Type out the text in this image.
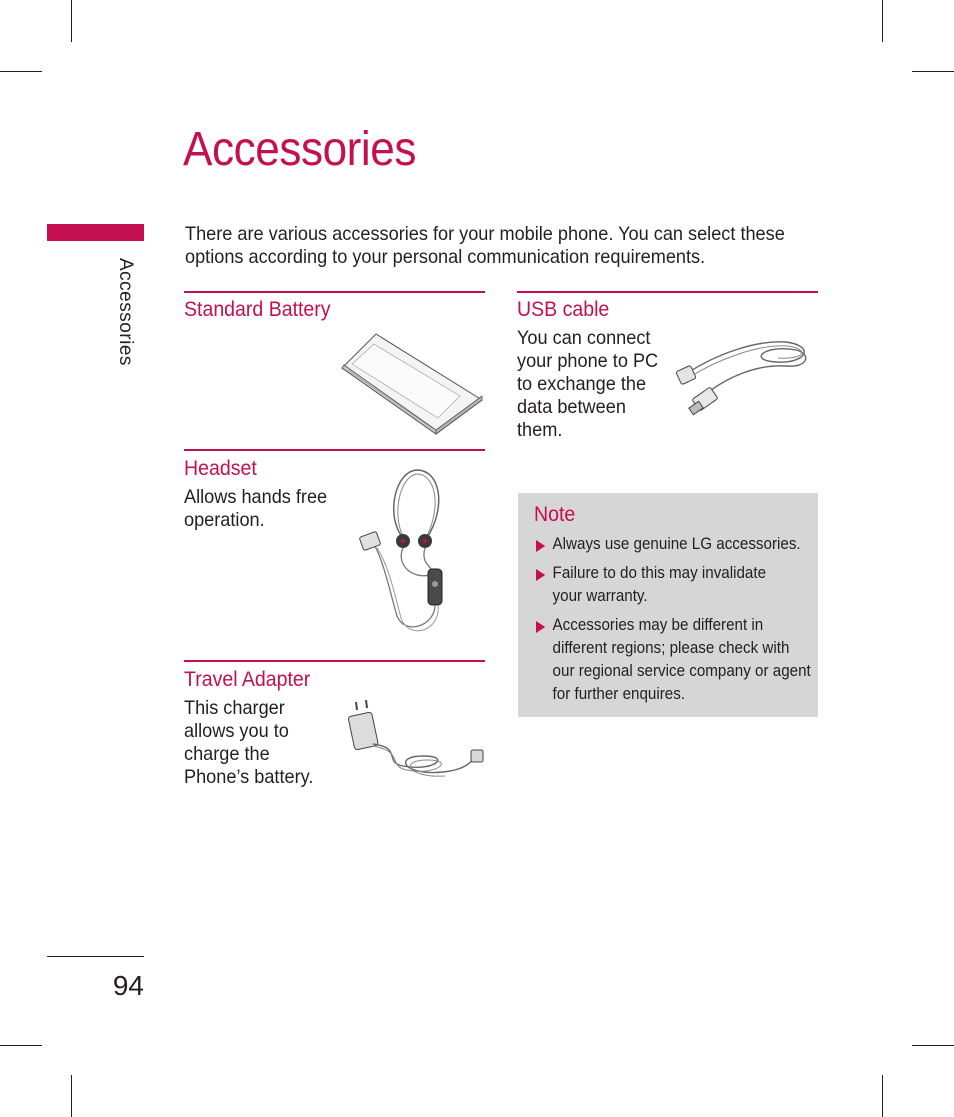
Accessories
94
Accessories
There are various accessories for your mobile phone. You can select these options according to your personal communication requirements.
Standard Battery
Headset

Allows hands free operation.

Travel Adapter

This charger allows you to charge the Phone’s battery.

USB cable

You can connect your phone to PC to exchange the data between them.

Note
Always use genuine LG accessories.
Failure to do this may invalidate your warranty.
Accessories may be different in different regions; please check with our regional service company or agent for further enquires.
